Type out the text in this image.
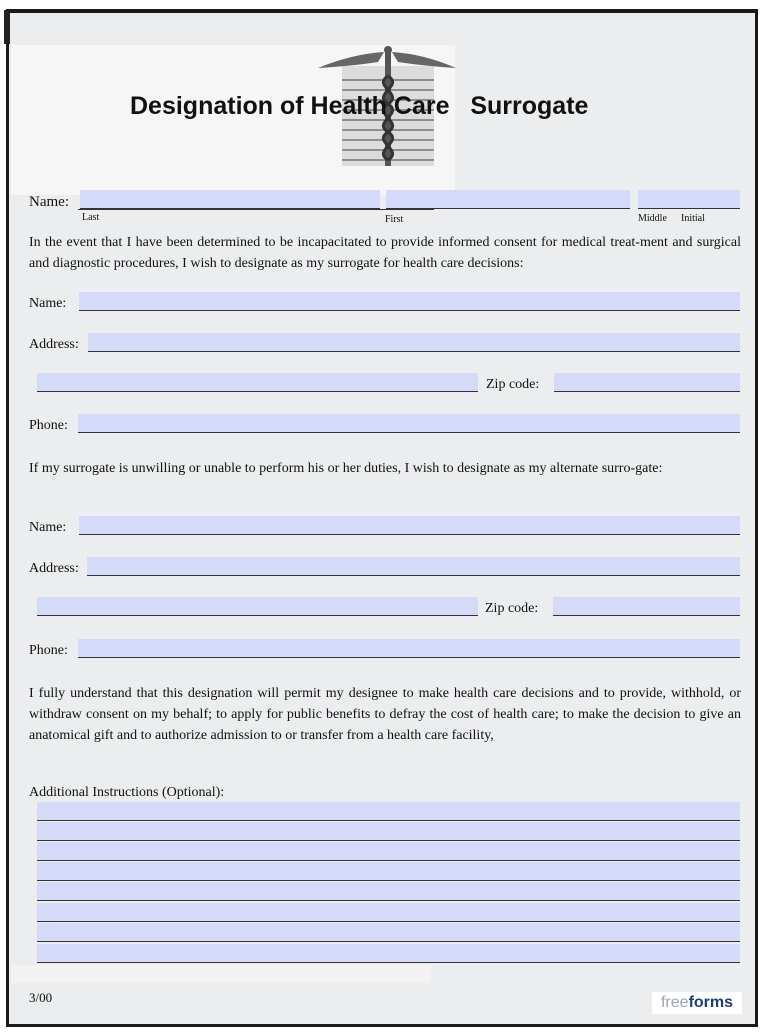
Designation of Health Care   Surrogate
Name:
Last	First	Middle Initial
In the event that I have been determined to be incapacitated to provide informed consent for medical treat-ment and surgical and diagnostic procedures, I wish to designate as my surrogate for health care decisions:
Name:
Address:
Zip code:
Phone:
If my surrogate is unwilling or unable to perform his or her duties, I wish to designate as my alternate surro-gate:
Name:
Address:
Zip code:
Phone:
I fully understand that this designation will permit my designee to make health care decisions and to provide, withhold, or withdraw consent on my behalf; to apply for public benefits to defray the cost of health care; to make the decision to give an anatomical gift and to authorize admission to or transfer from a health care facility,
Additional Instructions (Optional):
3/00	freeforms
